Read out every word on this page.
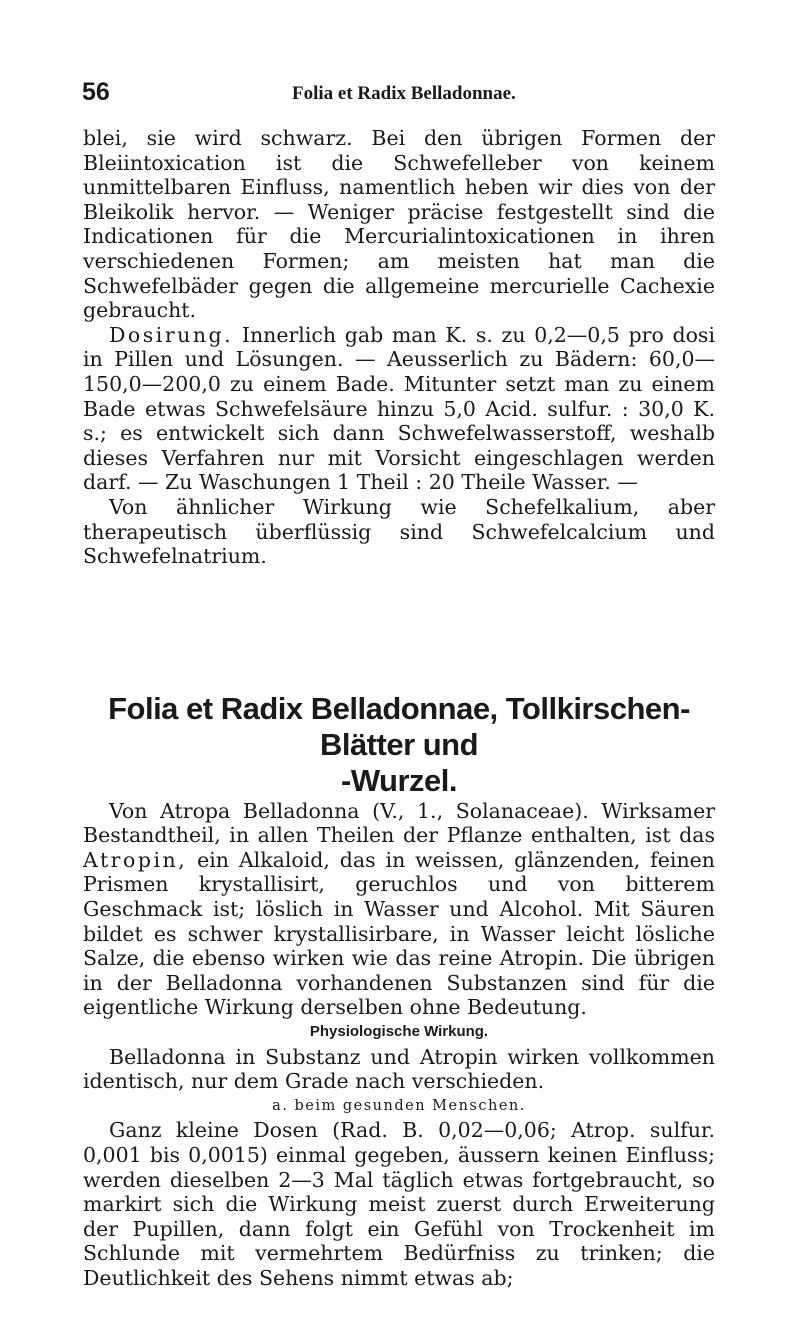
56	Folia et Radix Belladonnae.

blei, sie wird schwarz. Bei den übrigen Formen der Bleiintoxication ist die Schwefelleber von keinem unmittelbaren Einfluss, namentlich heben wir dies von der Bleikolik hervor. — Weniger präcise festgestellt sind die Indicationen für die Mercurialintoxicationen in ihren verschiedenen Formen; am meisten hat man die Schwefelbäder gegen die allgemeine mercurielle Cachexie gebraucht.

Dosirung. Innerlich gab man K. s. zu 0,2—0,5 pro dosi in Pillen und Lösungen. — Aeusserlich zu Bädern: 60,0—150,0—200,0 zu einem Bade. Mitunter setzt man zu einem Bade etwas Schwefelsäure hinzu 5,0 Acid. sulfur. : 30,0 K. s.; es entwickelt sich dann Schwefelwasserstoff, weshalb dieses Verfahren nur mit Vorsicht eingeschlagen werden darf. — Zu Waschungen 1 Theil : 20 Theile Wasser. —

Von ähnlicher Wirkung wie Schefelkalium, aber therapeutisch überflüssig sind Schwefelcalcium und Schwefelnatrium.

Folia et Radix Belladonnae, Tollkirschen-Blätter und
-Wurzel.

Von Atropa Belladonna (V., 1., Solanaceae). Wirksamer Bestandtheil, in allen Theilen der Pflanze enthalten, ist das Atropin, ein Alkaloid, das in weissen, glänzenden, feinen Prismen krystallisirt, geruchlos und von bitterem Geschmack ist; löslich in Wasser und Alcohol. Mit Säuren bildet es schwer krystallisirbare, in Wasser leicht lösliche Salze, die ebenso wirken wie das reine Atropin. Die übrigen in der Belladonna vorhandenen Substanzen sind für die eigentliche Wirkung derselben ohne Bedeutung.

Physiologische Wirkung.

Belladonna in Substanz und Atropin wirken vollkommen identisch, nur dem Grade nach verschieden.

a. beim gesunden Menschen.

Ganz kleine Dosen (Rad. B. 0,02—0,06; Atrop. sulfur. 0,001 bis 0,0015) einmal gegeben, äussern keinen Einfluss; werden dieselben 2—3 Mal täglich etwas fortgebraucht, so markirt sich die Wirkung meist zuerst durch Erweiterung der Pupillen, dann folgt ein Gefühl von Trockenheit im Schlunde mit vermehrtem Bedürfniss zu trinken; die Deutlichkeit des Sehens nimmt etwas ab;
